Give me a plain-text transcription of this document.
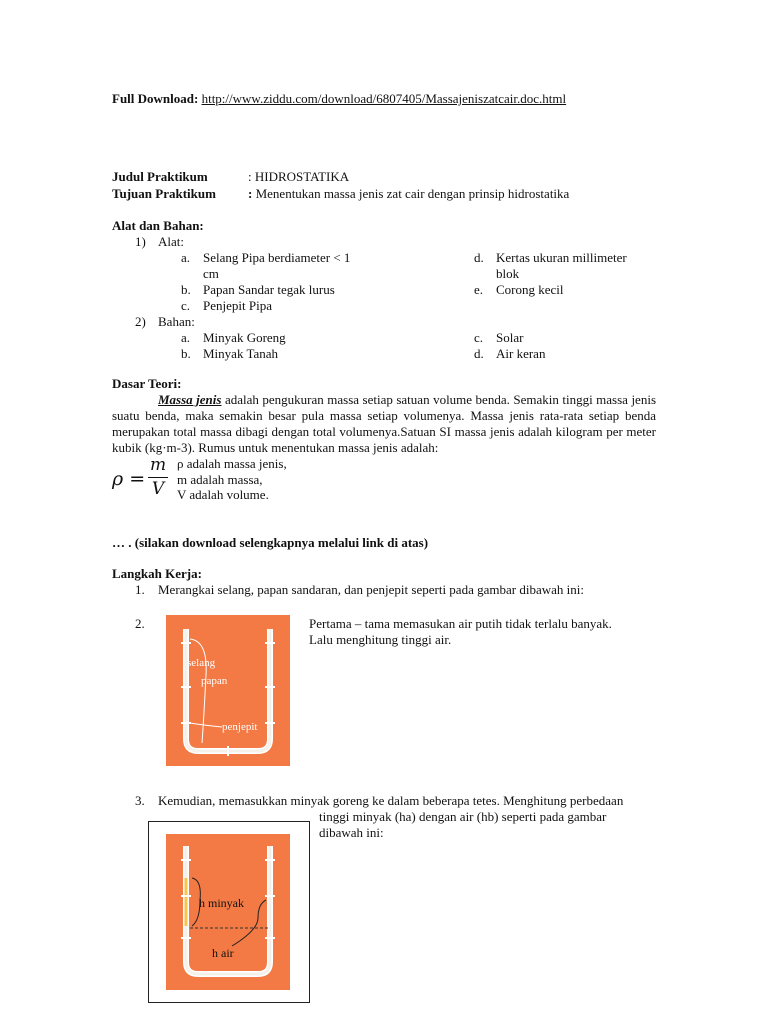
Full Download: http://www.ziddu.com/download/6807405/Massajeniszatcair.doc.html
Judul Praktikum	: HIDROSTATIKA
Tujuan Praktikum : Menentukan massa jenis zat cair dengan prinsip hidrostatika
Alat dan Bahan:
1) Alat:
a. Selang Pipa berdiameter < 1
cm
b. Papan Sandar tegak lurus
c. Penjepit Pipa
d. Kertas ukuran millimeter
blok
e. Corong kecil
2) Bahan:
a. Minyak Goreng
b. Minyak Tanah
c. Solar
d. Air keran
Dasar Teori:
Massa jenis adalah pengukuran massa setiap satuan volume benda. Semakin tinggi massa jenis suatu benda, maka semakin besar pula massa setiap volumenya. Massa jenis rata-rata setiap benda merupakan total massa dibagi dengan total volumenya.Satuan SI massa jenis adalah kilogram per meter kubik (kg·m-3). Rumus untuk menentukan massa jenis adalah:
ρ =
m
V
ρ adalah massa jenis,
m adalah massa,
V adalah volume.
… . (silakan download selengkapnya melalui link di atas)
Langkah Kerja:
1. Merangkai selang, papan sandaran, dan penjepit seperti pada gambar dibawah ini:
2.	Pertama – tama memasukan air putih tidak terlalu banyak.
Lalu menghitung tinggi air.
selang
papan
penjepit
3. Kemudian, memasukkan minyak goreng ke dalam beberapa tetes. Menghitung perbedaan
tinggi minyak (ha) dengan air (hb) seperti pada gambar
dibawah ini:
h minyak
h air
